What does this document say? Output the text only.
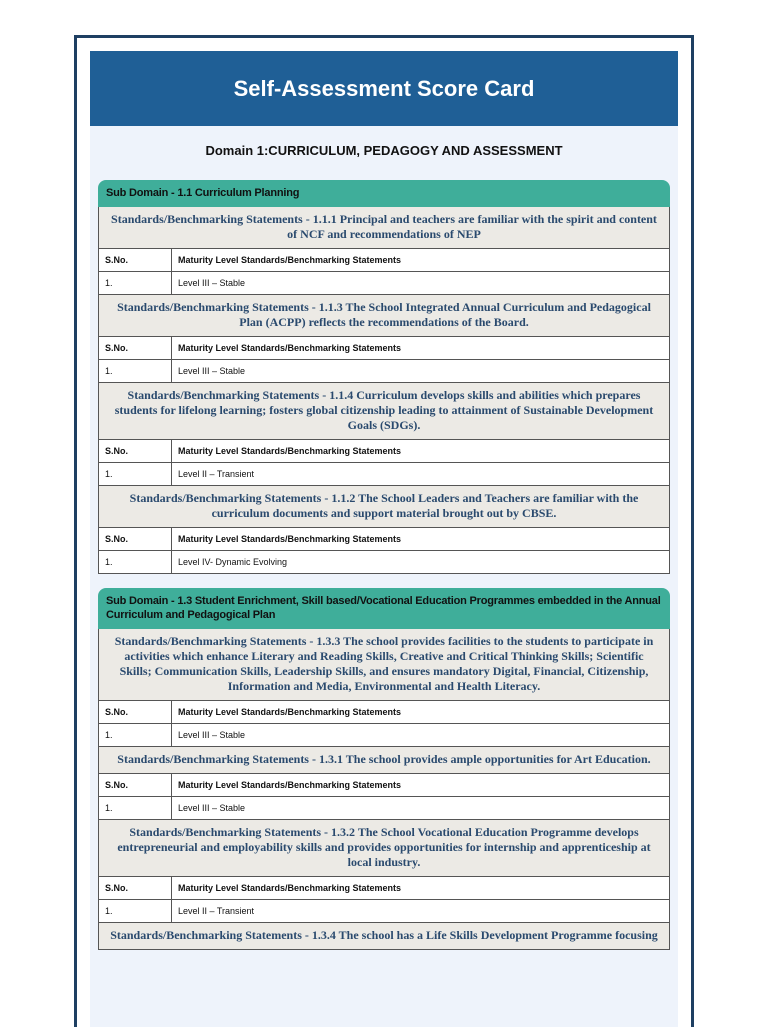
Self-Assessment Score Card
Domain 1:CURRICULUM, PEDAGOGY AND ASSESSMENT
Sub Domain - 1.1 Curriculum Planning
Standards/Benchmarking Statements - 1.1.1 Principal and teachers are familiar with the spirit and content of NCF and recommendations of NEP
S.No.	Maturity Level Standards/Benchmarking Statements
1.	Level III – Stable
Standards/Benchmarking Statements - 1.1.3 The School Integrated Annual Curriculum and Pedagogical Plan (ACPP) reflects the recommendations of the Board.
S.No.	Maturity Level Standards/Benchmarking Statements
1.	Level III – Stable
Standards/Benchmarking Statements - 1.1.4 Curriculum develops skills and abilities which prepares students for lifelong learning; fosters global citizenship leading to attainment of Sustainable Development Goals (SDGs).
S.No.	Maturity Level Standards/Benchmarking Statements
1.	Level II – Transient
Standards/Benchmarking Statements - 1.1.2 The School Leaders and Teachers are familiar with the curriculum documents and support material brought out by CBSE.
S.No.	Maturity Level Standards/Benchmarking Statements
1.	Level IV- Dynamic Evolving
Sub Domain - 1.3 Student Enrichment, Skill based/Vocational Education Programmes embedded in the Annual Curriculum and Pedagogical Plan
Standards/Benchmarking Statements - 1.3.3 The school provides facilities to the students to participate in activities which enhance Literary and Reading Skills, Creative and Critical Thinking Skills; Scientific Skills; Communication Skills, Leadership Skills, and ensures mandatory Digital, Financial, Citizenship, Information and Media, Environmental and Health Literacy.
S.No.	Maturity Level Standards/Benchmarking Statements
1.	Level III – Stable
Standards/Benchmarking Statements - 1.3.1 The school provides ample opportunities for Art Education.
S.No.	Maturity Level Standards/Benchmarking Statements
1.	Level III – Stable
Standards/Benchmarking Statements - 1.3.2 The School Vocational Education Programme develops entrepreneurial and employability skills and provides opportunities for internship and apprenticeship at local industry.
S.No.	Maturity Level Standards/Benchmarking Statements
1.	Level II – Transient
Standards/Benchmarking Statements - 1.3.4 The school has a Life Skills Development Programme focusing
